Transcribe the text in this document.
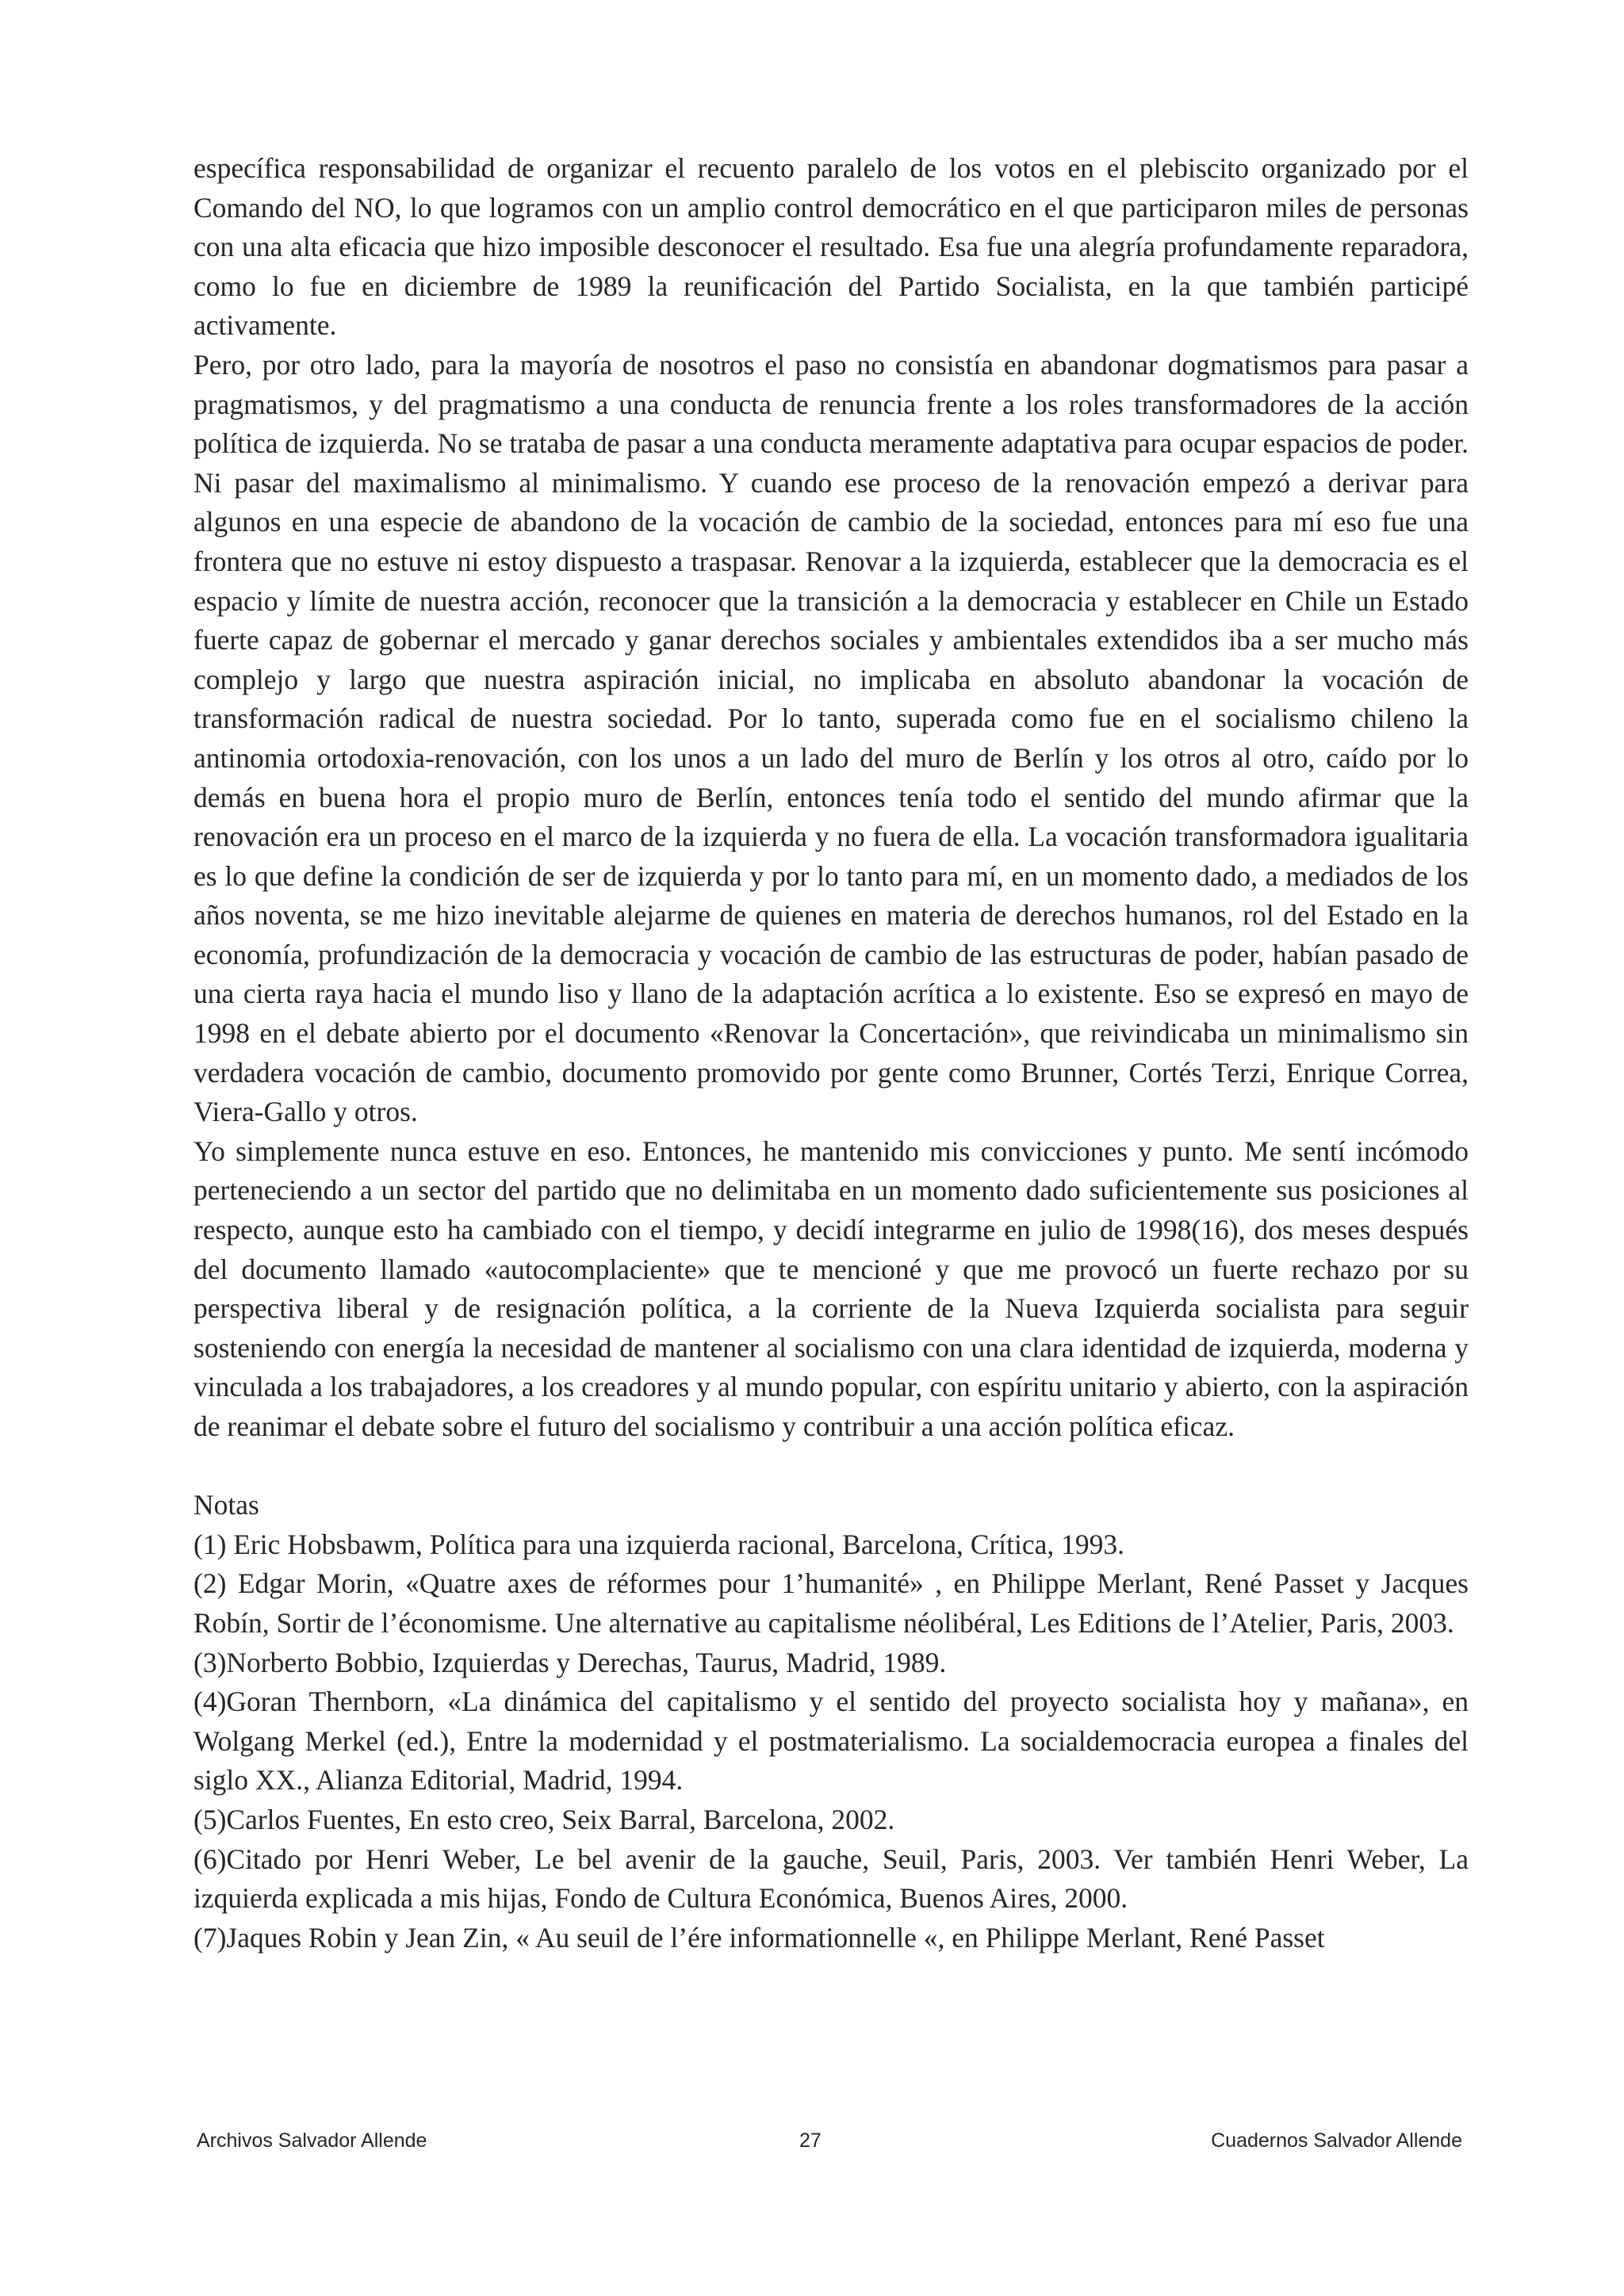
específica responsabilidad de organizar el recuento paralelo de los votos en el plebiscito organizado por el Comando del NO, lo que logramos con un amplio control democrático en el que participaron miles de personas con una alta eficacia que hizo imposible desconocer el resultado. Esa fue una alegría profundamente reparadora, como lo fue en diciembre de 1989 la reunificación del Partido Socialista, en la que también participé activamente.

Pero, por otro lado, para la mayoría de nosotros el paso no consistía en abandonar dogmatismos para pasar a pragmatismos, y del pragmatismo a una conducta de renuncia frente a los roles transformadores de la acción política de izquierda. No se trataba de pasar a una conducta meramente adaptativa para ocupar espacios de poder. Ni pasar del maximalismo al minimalismo. Y cuando ese proceso de la renovación empezó a derivar para algunos en una especie de abandono de la vocación de cambio de la sociedad, entonces para mí eso fue una frontera que no estuve ni estoy dispuesto a traspasar. Renovar a la izquierda, establecer que la democracia es el espacio y límite de nuestra acción, reconocer que la transición a la democracia y establecer en Chile un Estado fuerte capaz de gobernar el mercado y ganar derechos sociales y ambientales extendidos iba a ser mucho más complejo y largo que nuestra aspiración inicial, no implicaba en absoluto abandonar la vocación de transformación radical de nuestra sociedad. Por lo tanto, superada como fue en el socialismo chileno la antinomia ortodoxia-renovación, con los unos a un lado del muro de Berlín y los otros al otro, caído por lo demás en buena hora el propio muro de Berlín, entonces tenía todo el sentido del mundo afirmar que la renovación era un proceso en el marco de la izquierda y no fuera de ella. La vocación transformadora igualitaria es lo que define la condición de ser de izquierda y por lo tanto para mí, en un momento dado, a mediados de los años noventa, se me hizo inevitable alejarme de quienes en materia de derechos humanos, rol del Estado en la economía, profundización de la democracia y vocación de cambio de las estructuras de poder, habían pasado de una cierta raya hacia el mundo liso y llano de la adaptación acrítica a lo existente. Eso se expresó en mayo de 1998 en el debate abierto por el documento «Renovar la Concertación», que reivindicaba un minimalismo sin verdadera vocación de cambio, documento promovido por gente como Brunner, Cortés Terzi, Enrique Correa, Viera-Gallo y otros.

Yo simplemente nunca estuve en eso. Entonces, he mantenido mis convicciones y punto. Me sentí incómodo perteneciendo a un sector del partido que no delimitaba en un momento dado suficientemente sus posiciones al respecto, aunque esto ha cambiado con el tiempo, y decidí integrarme en julio de 1998(16), dos meses después del documento llamado «autocomplaciente» que te mencioné y que me provocó un fuerte rechazo por su perspectiva liberal y de resignación política, a la corriente de la Nueva Izquierda socialista para seguir sosteniendo con energía la necesidad de mantener al socialismo con una clara identidad de izquierda, moderna y vinculada a los trabajadores, a los creadores y al mundo popular, con espíritu unitario y abierto, con la aspiración de reanimar el debate sobre el futuro del socialismo y contribuir a una acción política eficaz.

Notas

(1) Eric Hobsbawm, Política para una izquierda racional, Barcelona, Crítica, 1993.

(2) Edgar Morin, «Quatre axes de réformes pour 1’humanité» , en Philippe Merlant, René Passet y Jacques Robín, Sortir de l’économisme. Une alternative au capitalisme néolibéral, Les Editions de l’Atelier, Paris, 2003.

(3)Norberto Bobbio, Izquierdas y Derechas, Taurus, Madrid, 1989.

(4)Goran Thernborn, «La dinámica del capitalismo y el sentido del proyecto socialista hoy y mañana», en Wolgang Merkel (ed.), Entre la modernidad y el postmaterialismo. La socialdemocracia europea a finales del siglo XX., Alianza Editorial, Madrid, 1994.

(5)Carlos Fuentes, En esto creo, Seix Barral, Barcelona, 2002.

(6)Citado por Henri Weber, Le bel avenir de la gauche, Seuil, Paris, 2003. Ver también Henri Weber, La izquierda explicada a mis hijas, Fondo de Cultura Económica, Buenos Aires, 2000.

(7)Jaques Robin y Jean Zin, « Au seuil de l’ére informationnelle «, en Philippe Merlant, René Passet

Archivos Salvador Allende	27	Cuadernos Salvador Allende
